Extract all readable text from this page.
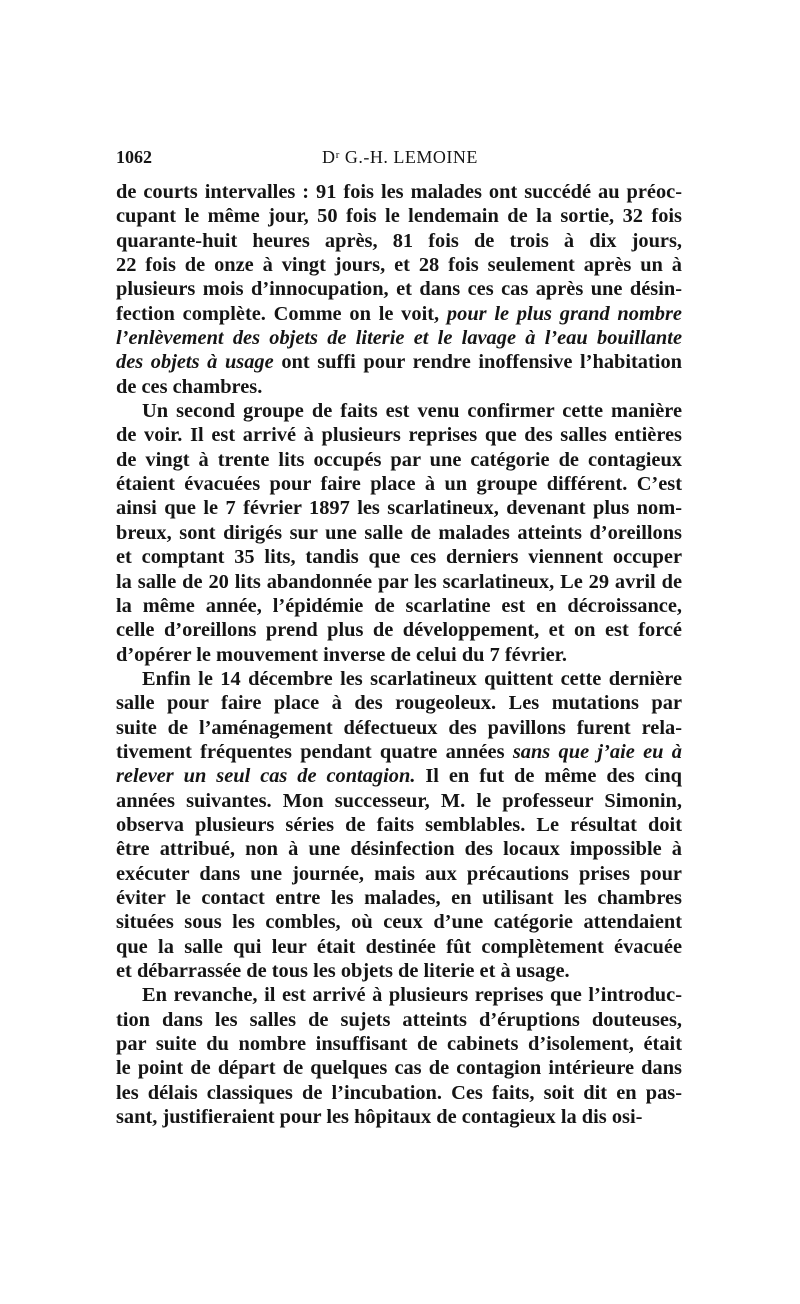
1062	Dʳ G.-H. LEMOINE
de courts intervalles : 91 fois les malades ont succédé au préoc-
cupant le même jour, 50 fois le lendemain de la sortie, 32 fois
quarante-huit heures après, 81 fois de trois à dix jours,
22 fois de onze à vingt jours, et 28 fois seulement après un à
plusieurs mois d’innocupation, et dans ces cas après une désin-
fection complète. Comme on le voit, pour le plus grand nombre
l’enlèvement des objets de literie et le lavage à l’eau bouillante
des objets à usage ont suffi pour rendre inoffensive l’habitation
de ces chambres.
Un second groupe de faits est venu confirmer cette manière
de voir. Il est arrivé à plusieurs reprises que des salles entières
de vingt à trente lits occupés par une catégorie de contagieux
étaient évacuées pour faire place à un groupe différent. C’est
ainsi que le 7 février 1897 les scarlatineux, devenant plus nom-
breux, sont dirigés sur une salle de malades atteints d’oreillons
et comptant 35 lits, tandis que ces derniers viennent occuper
la salle de 20 lits abandonnée par les scarlatineux, Le 29 avril de
la même année, l’épidémie de scarlatine est en décroissance,
celle d’oreillons prend plus de développement, et on est forcé
d’opérer le mouvement inverse de celui du 7 février.
Enfin le 14 décembre les scarlatineux quittent cette dernière
salle pour faire place à des rougeoleux. Les mutations par
suite de l’aménagement défectueux des pavillons furent rela-
tivement fréquentes pendant quatre années sans que j’aie eu à
relever un seul cas de contagion. Il en fut de même des cinq
années suivantes. Mon successeur, M. le professeur Simonin,
observa plusieurs séries de faits semblables. Le résultat doit
être attribué, non à une désinfection des locaux impossible à
exécuter dans une journée, mais aux précautions prises pour
éviter le contact entre les malades, en utilisant les chambres
situées sous les combles, où ceux d’une catégorie attendaient
que la salle qui leur était destinée fût complètement évacuée
et débarrassée de tous les objets de literie et à usage.
En revanche, il est arrivé à plusieurs reprises que l’introduc-
tion dans les salles de sujets atteints d’éruptions douteuses,
par suite du nombre insuffisant de cabinets d’isolement, était
le point de départ de quelques cas de contagion intérieure dans
les délais classiques de l’incubation. Ces faits, soit dit en pas-
sant, justifieraient pour les hôpitaux de contagieux la dis osi-
